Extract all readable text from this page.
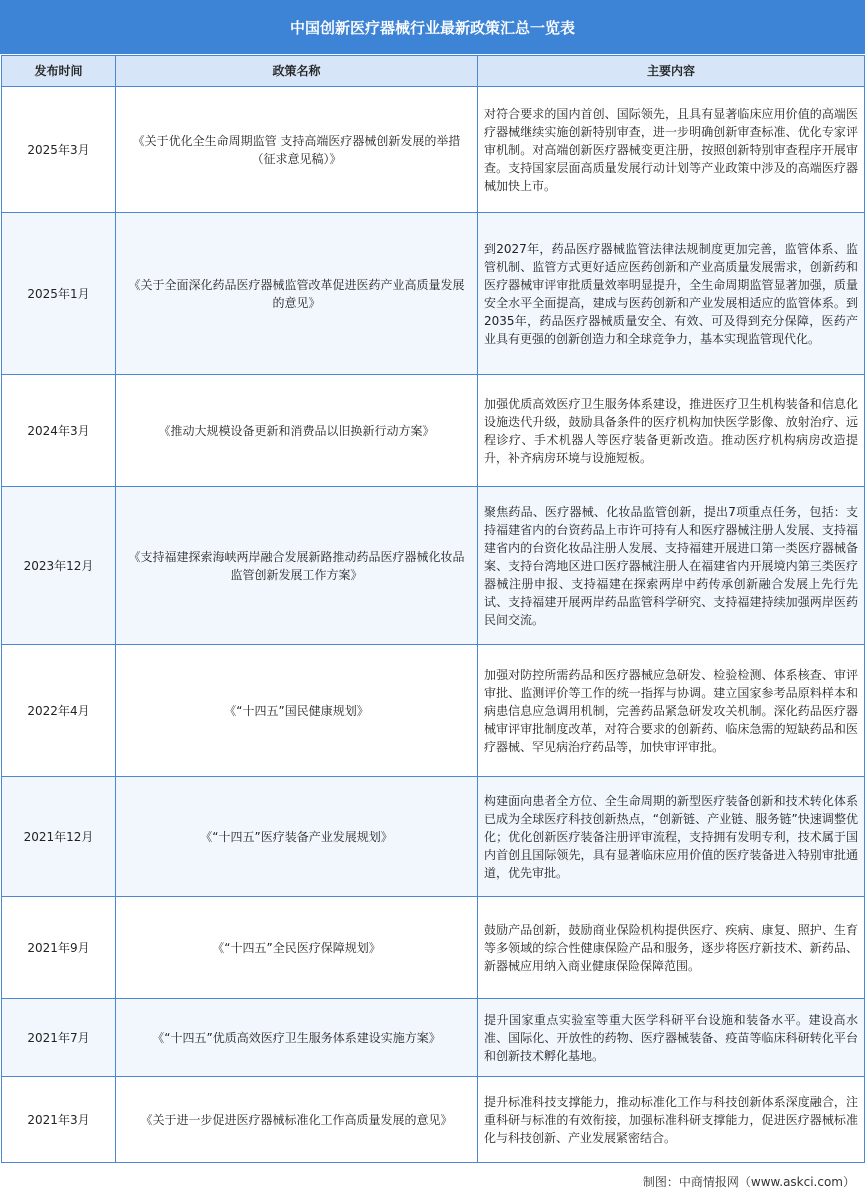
中国创新医疗器械行业最新政策汇总一览表
发布时间	政策名称	主要内容
2025年3月	《关于优化全生命周期监管 支持高端医疗器械创新发展的举措（征求意见稿）》	对符合要求的国内首创、国际领先，且具有显著临床应用价值的高端医疗器械继续实施创新特别审查，进一步明确创新审查标准、优化专家评审机制。对高端创新医疗器械变更注册，按照创新特别审查程序开展审查。支持国家层面高质量发展行动计划等产业政策中涉及的高端医疗器械加快上市。
2025年1月	《关于全面深化药品医疗器械监管改革促进医药产业高质量发展的意见》	到2027年，药品医疗器械监管法律法规制度更加完善，监管体系、监管机制、监管方式更好适应医药创新和产业高质量发展需求，创新药和医疗器械审评审批质量效率明显提升，全生命周期监管显著加强，质量安全水平全面提高，建成与医药创新和产业发展相适应的监管体系。到2035年，药品医疗器械质量安全、有效、可及得到充分保障，医药产业具有更强的创新创造力和全球竞争力，基本实现监管现代化。
2024年3月	《推动大规模设备更新和消费品以旧换新行动方案》	加强优质高效医疗卫生服务体系建设，推进医疗卫生机构装备和信息化设施迭代升级，鼓励具备条件的医疗机构加快医学影像、放射治疗、远程诊疗、手术机器人等医疗装备更新改造。推动医疗机构病房改造提升，补齐病房环境与设施短板。
2023年12月	《支持福建探索海峡两岸融合发展新路推动药品医疗器械化妆品监管创新发展工作方案》	聚焦药品、医疗器械、化妆品监管创新，提出7项重点任务，包括：支持福建省内的台资药品上市许可持有人和医疗器械注册人发展、支持福建省内的台资化妆品注册人发展、支持福建开展进口第一类医疗器械备案、支持台湾地区进口医疗器械注册人在福建省内开展境内第三类医疗器械注册申报、支持福建在探索两岸中药传承创新融合发展上先行先试、支持福建开展两岸药品监管科学研究、支持福建持续加强两岸医药民间交流。
2022年4月	《“十四五”国民健康规划》	加强对防控所需药品和医疗器械应急研发、检验检测、体系核查、审评审批、监测评价等工作的统一指挥与协调。建立国家参考品原料样本和病患信息应急调用机制，完善药品紧急研发攻关机制。深化药品医疗器械审评审批制度改革，对符合要求的创新药、临床急需的短缺药品和医疗器械、罕见病治疗药品等，加快审评审批。
2021年12月	《“十四五”医疗装备产业发展规划》	构建面向患者全方位、全生命周期的新型医疗装备创新和技术转化体系已成为全球医疗科技创新热点，“创新链、产业链、服务链”快速调整优化；优化创新医疗装备注册评审流程，支持拥有发明专利，技术属于国内首创且国际领先，具有显著临床应用价值的医疗装备进入特别审批通道，优先审批。
2021年9月	《“十四五”全民医疗保障规划》	鼓励产品创新，鼓励商业保险机构提供医疗、疾病、康复、照护、生育等多领域的综合性健康保险产品和服务，逐步将医疗新技术、新药品、新器械应用纳入商业健康保险保障范围。
2021年7月	《“十四五”优质高效医疗卫生服务体系建设实施方案》	提升国家重点实验室等重大医学科研平台设施和装备水平。建设高水准、国际化、开放性的药物、医疗器械装备、疫苗等临床科研转化平台和创新技术孵化基地。
2021年3月	《关于进一步促进医疗器械标准化工作高质量发展的意见》	提升标准科技支撑能力，推动标准化工作与科技创新体系深度融合，注重科研与标准的有效衔接，加强标准科研支撑能力，促进医疗器械标准化与科技创新、产业发展紧密结合。
制图：中商情报网（www.askci.com）
